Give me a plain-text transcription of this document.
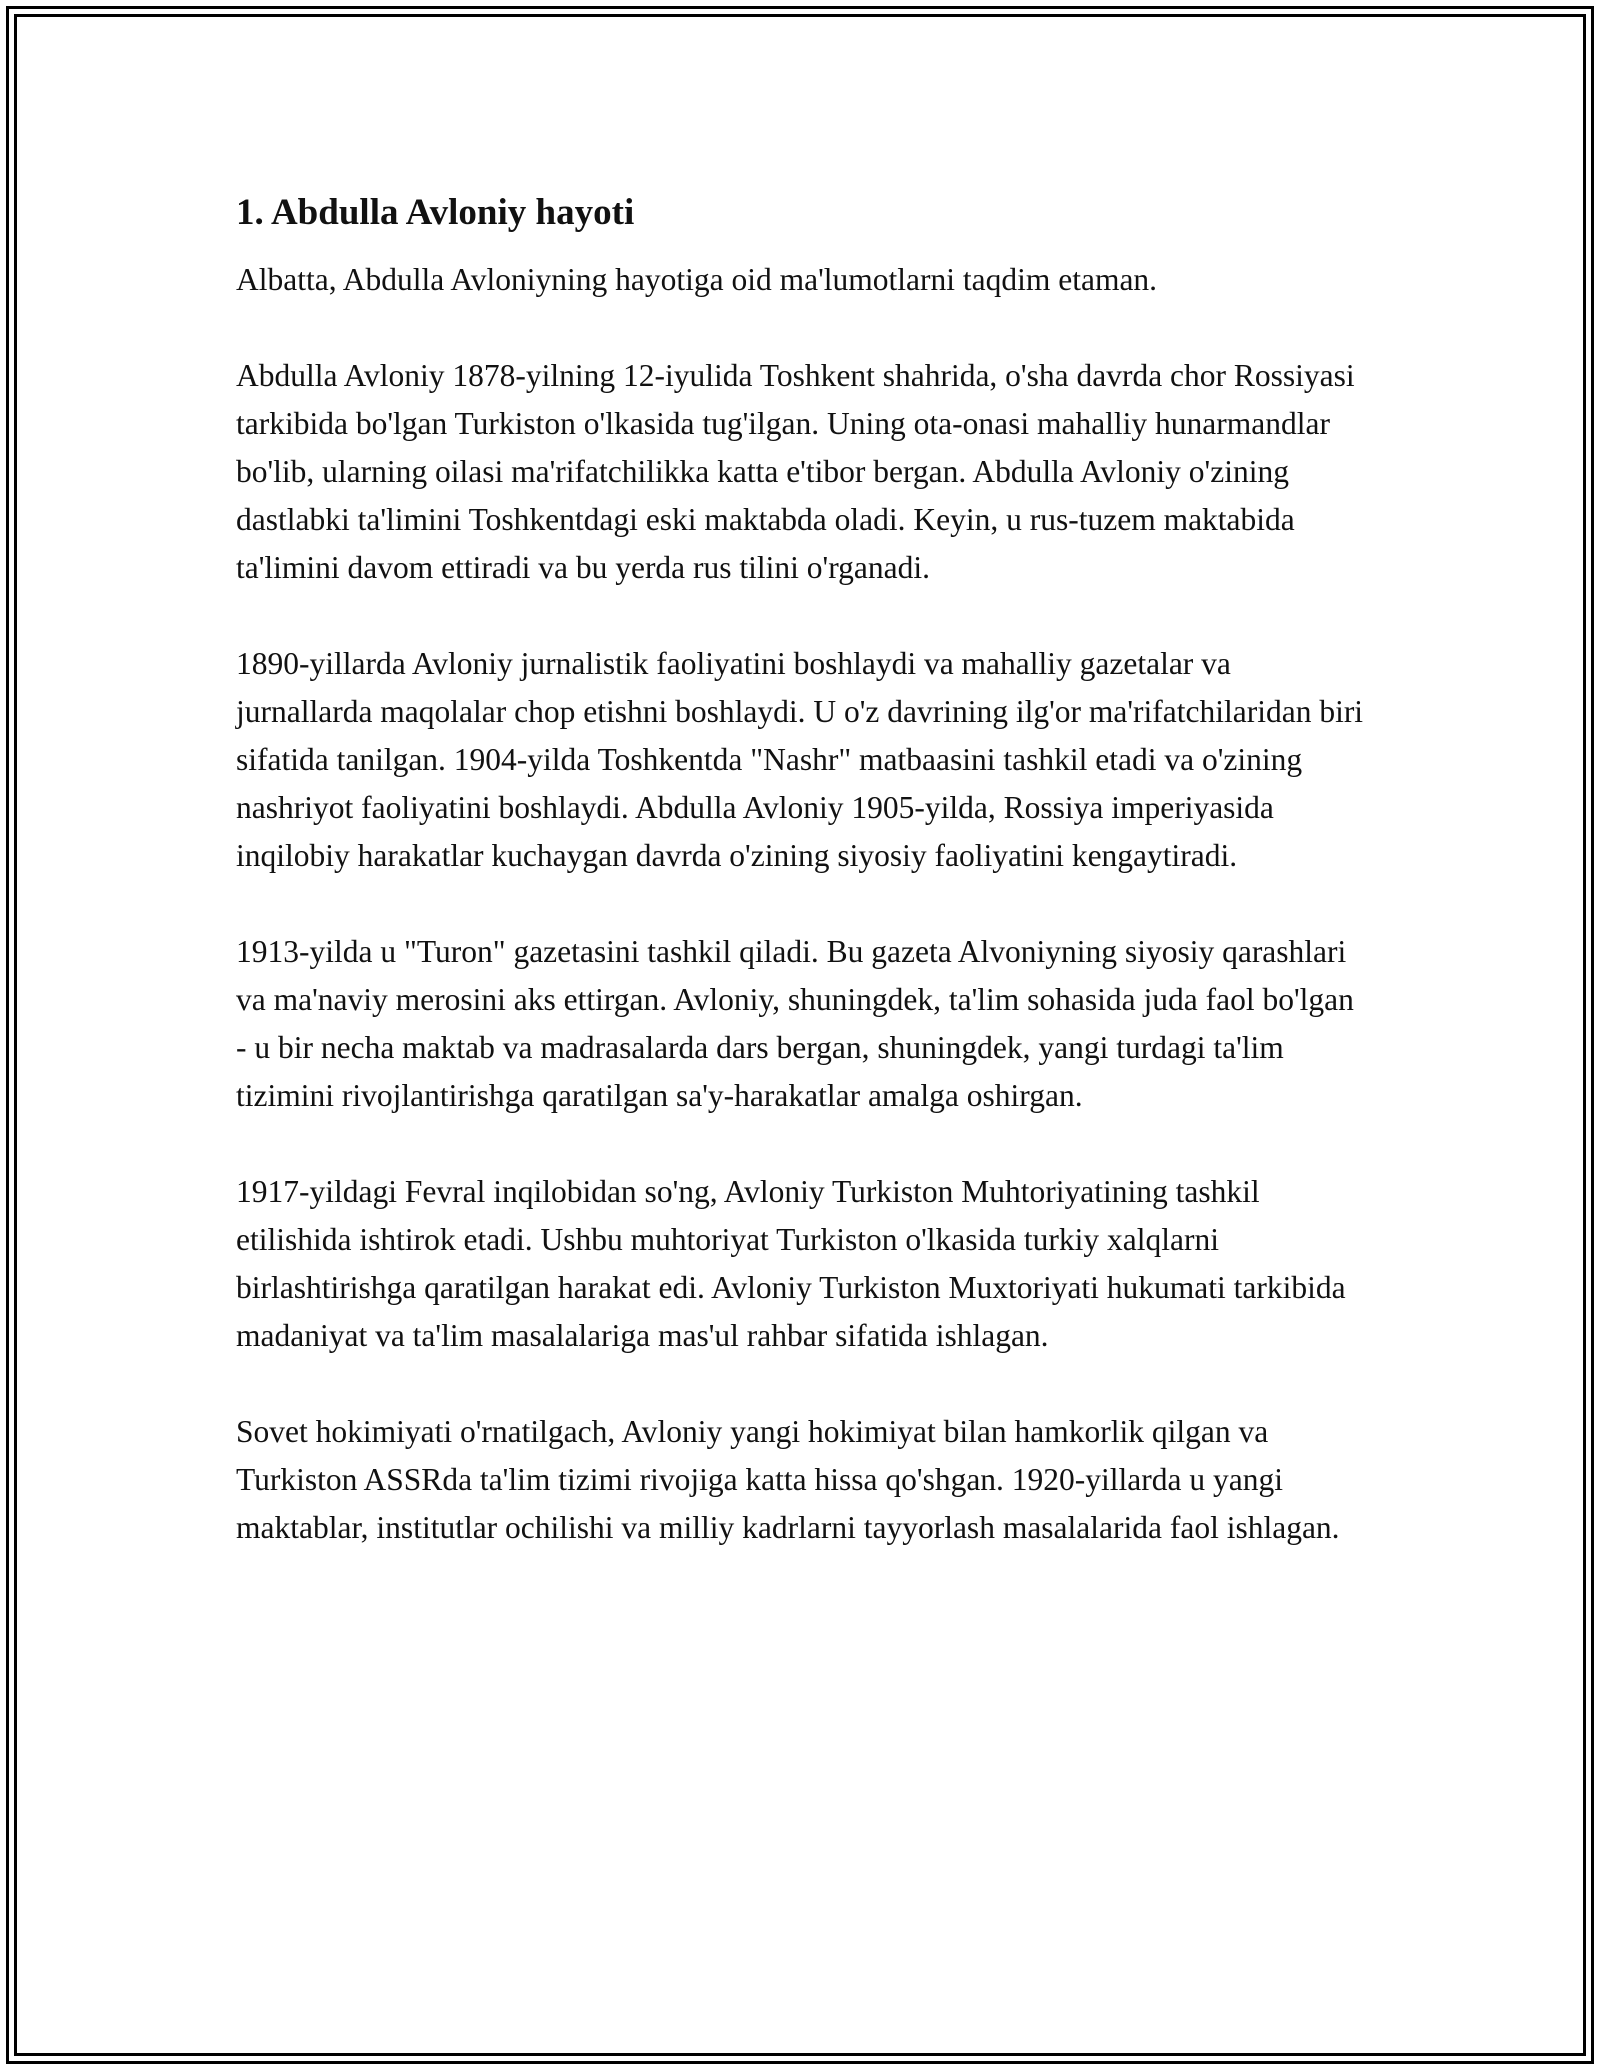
1. Abdulla Avloniy hayoti

Albatta, Abdulla Avloniyning hayotiga oid ma'lumotlarni taqdim etaman.

Abdulla Avloniy 1878-yilning 12-iyulida Toshkent shahrida, o'sha davrda chor Rossiyasi tarkibida bo'lgan Turkiston o'lkasida tug'ilgan. Uning ota-onasi mahalliy hunarmandlar bo'lib, ularning oilasi ma'rifatchilikka katta e'tibor bergan. Abdulla Avloniy o'zining dastlabki ta'limini Toshkentdagi eski maktabda oladi. Keyin, u rus-tuzem maktabida ta'limini davom ettiradi va bu yerda rus tilini o'rganadi.

1890-yillarda Avloniy jurnalistik faoliyatini boshlaydi va mahalliy gazetalar va jurnallarda maqolalar chop etishni boshlaydi. U o'z davrining ilg'or ma'rifatchilaridan biri sifatida tanilgan. 1904-yilda Toshkentda "Nashr" matbaasini tashkil etadi va o'zining nashriyot faoliyatini boshlaydi. Abdulla Avloniy 1905-yilda, Rossiya imperiyasida inqilobiy harakatlar kuchaygan davrda o'zining siyosiy faoliyatini kengaytiradi.

1913-yilda u "Turon" gazetasini tashkil qiladi. Bu gazeta Alvoniyning siyosiy qarashlari va ma'naviy merosini aks ettirgan. Avloniy, shuningdek, ta'lim sohasida juda faol bo'lgan - u bir necha maktab va madrasalarda dars bergan, shuningdek, yangi turdagi ta'lim tizimini rivojlantirishga qaratilgan sa'y-harakatlar amalga oshirgan.

1917-yildagi Fevral inqilobidan so'ng, Avloniy Turkiston Muhtoriyatining tashkil etilishida ishtirok etadi. Ushbu muhtoriyat Turkiston o'lkasida turkiy xalqlarni birlashtirishga qaratilgan harakat edi. Avloniy Turkiston Muxtoriyati hukumati tarkibida madaniyat va ta'lim masalalariga mas'ul rahbar sifatida ishlagan.

Sovet hokimiyati o'rnatilgach, Avloniy yangi hokimiyat bilan hamkorlik qilgan va Turkiston ASSRda ta'lim tizimi rivojiga katta hissa qo'shgan. 1920-yillarda u yangi maktablar, institutlar ochilishi va milliy kadrlarni tayyorlash masalalarida faol ishlagan.
